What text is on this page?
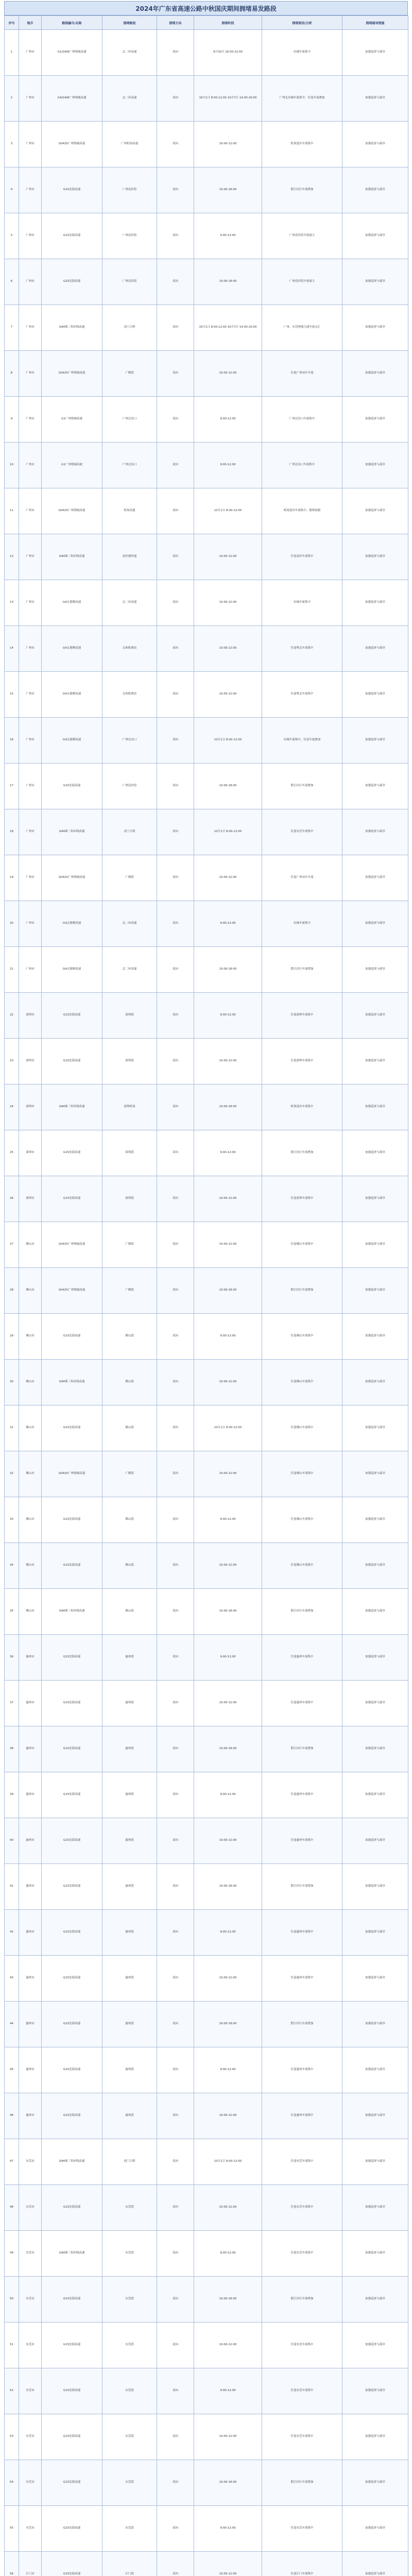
2024年广东省高速公路中秋国庆期间拥堵易发路段
序号	地市	路线编号/名称	拥堵路段	拥堵方向	拥堵时段	拥堵原因/分析	拥堵疏导措施
1	广州市	G1/G4W广州绕城高速	北二环高速	双向	9月30日 16:00-22:00	出城车流集中	加强巡查与疏导
2	广州市	G4/G4W广州绕城高速	北二环高速	双向	10月1日 8:00-12:00 10月7日 14:00-20:00	广州北出城车流集中，往返车流叠加	加强巡查与疏导
3	广州市	G0425广州绕城高速	广州机场高速	双向	10:00-12:00	机场进出车流集中	加强巡查与疏导
4	广州市	G15沈海高速	广州南沙段	双向	10:00-18:00	假日出行车流增加	加强巡查与疏导
5	广州市	G15沈海高速	广州南沙段	双向	9:00-12:00	广州南沙段车流量大	加强巡查与疏导
6	广州市	G15沈海高速	广州南沙段	双向	10:00-18:00	广州南沙段车流量大	加强巡查与疏导
7	广州市	G94珠三角环线高速	虎门大桥	双向	10月1日 8:00-12:00 10月7日 14:00-20:00	广州、东莞两地互通车流交汇	加强巡查与疏导
8	广州市	G0425广州绕城高速	广佛段	双向	10:00-12:00	往返广州市区车流	加强巡查与疏导
9	广州市	G1广州绕城高速	广州北出口	双向	9:00-12:00	广州北出口车流集中	加强巡查与疏导
10	广州市	G1广州绕城高速	广州北出口	双向	9:00-12:00	广州北出口车流集中	加强巡查与疏导
11	广州市	G0425广州绕城高速	机场高速	双向	10月1日 8:00-12:00	机场进出车流集中，拥堵加剧	加强巡查与疏导
12	广州市	G94珠三角环线高速	南沙港快速	双向	10:00-12:00	往返南沙车流集中	加强巡查与疏导
13	广州市	G4京港澳高速	北二环高速	双向	10:00-12:00	出城车流集中	加强巡查与疏导
14	广州市	G4京港澳高速	太和收费站	双向	10:00-12:00	往返粤北车流集中	加强巡查与疏导
15	广州市	G4京港澳高速	太和收费站	双向	10:00-12:00	往返粤北车流集中	加强巡查与疏导
16	广州市	G4京港澳高速	广州北出口	双向	10月1日 8:00-12:00	出城车流集中，往返车流叠加	加强巡查与疏导
17	广州市	G15沈海高速	广州南沙段	双向	10:00-18:00	假日出行车流增加	加强巡查与疏导
18	广州市	G94珠三角环线高速	虎门大桥	双向	10月1日 8:00-12:00	往返东莞车流集中	加强巡查与疏导
19	广州市	G0425广州绕城高速	广佛段	双向	10:00-12:00	往返广州市区车流	加强巡查与疏导
20	广州市	G4京港澳高速	北二环高速	双向	9:00-12:00	出城车流集中	加强巡查与疏导
21	广州市	G4京港澳高速	北二环高速	双向	10:00-18:00	假日出行车流增加	加强巡查与疏导
22	深圳市	G15沈海高速	深圳段	双向	9:00-12:00	往返深圳车流集中	加强巡查与疏导
23	深圳市	G15沈海高速	深圳段	双向	10:00-12:00	往返深圳车流集中	加强巡查与疏导
24	深圳市	G94珠三角环线高速	深圳机场	双向	10:00-18:00	机场进出车流集中	加强巡查与疏导
25	深圳市	G15沈海高速	深圳段	双向	9:00-12:00	假日出行车流增加	加强巡查与疏导
26	深圳市	G15沈海高速	深圳段	双向	10:00-12:00	往返深圳车流集中	加强巡查与疏导
27	佛山市	G0425广州绕城高速	广佛段	双向	10:00-12:00	往返佛山车流集中	加强巡查与疏导
28	佛山市	G0425广州绕城高速	广佛段	双向	10:00-18:00	假日出行车流增加	加强巡查与疏导
29	佛山市	G15沈海高速	佛山段	双向	9:00-12:00	往返佛山车流集中	加强巡查与疏导
30	佛山市	G94珠三角环线高速	佛山段	双向	10:00-12:00	往返佛山车流集中	加强巡查与疏导
31	佛山市	G15沈海高速	佛山段	双向	10月1日 8:00-12:00	往返佛山车流集中	加强巡查与疏导
32	佛山市	G0425广州绕城高速	广佛段	双向	10:00-12:00	往返佛山车流集中	加强巡查与疏导
33	佛山市	G15沈海高速	佛山段	双向	9:00-12:00	往返佛山车流集中	加强巡查与疏导
34	佛山市	G15沈海高速	佛山段	双向	10:00-12:00	往返佛山车流集中	加强巡查与疏导
35	佛山市	G94珠三角环线高速	佛山段	双向	10:00-18:00	假日出行车流增加	加强巡查与疏导
36	惠州市	G15沈海高速	惠州段	双向	9:00-12:00	往返惠州车流集中	加强巡查与疏导
37	惠州市	G15沈海高速	惠州段	双向	10:00-12:00	往返惠州车流集中	加强巡查与疏导
38	惠州市	G15沈海高速	惠州段	双向	10:00-18:00	假日出行车流增加	加强巡查与疏导
39	惠州市	G15沈海高速	惠州段	双向	9:00-12:00	往返惠州车流集中	加强巡查与疏导
40	惠州市	G15沈海高速	惠州段	双向	10:00-12:00	往返惠州车流集中	加强巡查与疏导
41	惠州市	G15沈海高速	惠州段	双向	10:00-18:00	假日出行车流增加	加强巡查与疏导
42	惠州市	G15沈海高速	惠州段	双向	9:00-12:00	往返惠州车流集中	加强巡查与疏导
43	惠州市	G15沈海高速	惠州段	双向	10:00-12:00	往返惠州车流集中	加强巡查与疏导
44	惠州市	G15沈海高速	惠州段	双向	10:00-18:00	假日出行车流增加	加强巡查与疏导
45	惠州市	G15沈海高速	惠州段	双向	9:00-12:00	往返惠州车流集中	加强巡查与疏导
46	惠州市	G15沈海高速	惠州段	双向	10:00-12:00	往返惠州车流集中	加强巡查与疏导
47	东莞市	G94珠三角环线高速	虎门大桥	双向	10月1日 8:00-12:00	往返东莞车流集中	加强巡查与疏导
48	东莞市	G15沈海高速	东莞段	双向	10:00-12:00	往返东莞车流集中	加强巡查与疏导
49	东莞市	G94珠三角环线高速	东莞段	双向	9:00-12:00	往返东莞车流集中	加强巡查与疏导
50	东莞市	G15沈海高速	东莞段	双向	10:00-18:00	假日出行车流增加	加强巡查与疏导
51	东莞市	G15沈海高速	东莞段	双向	10:00-12:00	往返东莞车流集中	加强巡查与疏导
52	东莞市	G15沈海高速	东莞段	双向	9:00-12:00	往返东莞车流集中	加强巡查与疏导
53	东莞市	G15沈海高速	东莞段	双向	10:00-12:00	往返东莞车流集中	加强巡查与疏导
54	东莞市	G15沈海高速	东莞段	双向	10:00-18:00	假日出行车流增加	加强巡查与疏导
55	东莞市	G15沈海高速	东莞段	双向	9:00-12:00	往返东莞车流集中	加强巡查与疏导
56	江门市	G15沈海高速	江门段	双向	10:00-12:00	往返江门车流集中	加强巡查与疏导
